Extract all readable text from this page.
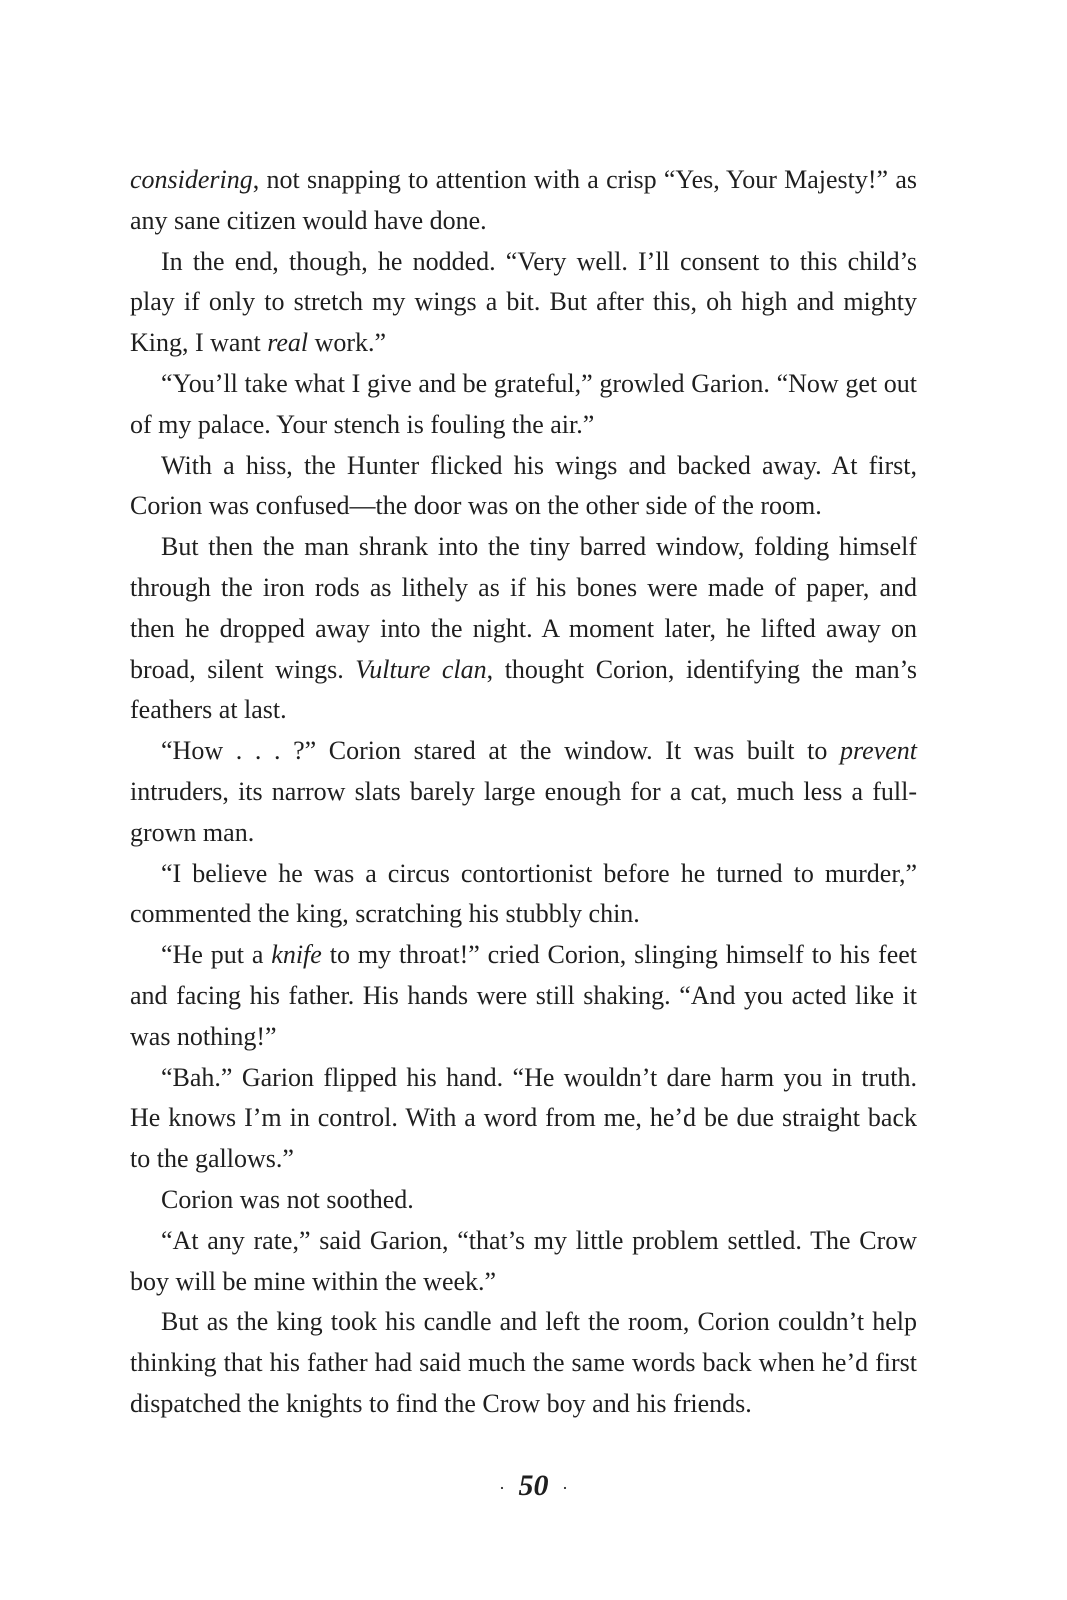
considering, not snapping to attention with a crisp “Yes, Your Majesty!” as any sane citizen would have done.

In the end, though, he nodded. “Very well. I’ll consent to this child’s play if only to stretch my wings a bit. But after this, oh high and mighty King, I want real work.”

“You’ll take what I give and be grateful,” growled Garion. “Now get out of my palace. Your stench is fouling the air.”

With a hiss, the Hunter flicked his wings and backed away. At first, Corion was confused—the door was on the other side of the room.

But then the man shrank into the tiny barred window, folding himself through the iron rods as lithely as if his bones were made of paper, and then he dropped away into the night. A moment later, he lifted away on broad, silent wings. Vulture clan, thought Corion, identifying the man’s feathers at last.

“How . . . ?” Corion stared at the window. It was built to prevent intruders, its narrow slats barely large enough for a cat, much less a full-grown man.

“I believe he was a circus contortionist before he turned to murder,” commented the king, scratching his stubbly chin.

“He put a knife to my throat!” cried Corion, slinging himself to his feet and facing his father. His hands were still shaking. “And you acted like it was nothing!”

“Bah.” Garion flipped his hand. “He wouldn’t dare harm you in truth. He knows I’m in control. With a word from me, he’d be due straight back to the gallows.”

Corion was not soothed.

“At any rate,” said Garion, “that’s my little problem settled. The Crow boy will be mine within the week.”

But as the king took his candle and left the room, Corion couldn’t help thinking that his father had said much the same words back when he’d first dispatched the knights to find the Crow boy and his friends.

· 50 ·
